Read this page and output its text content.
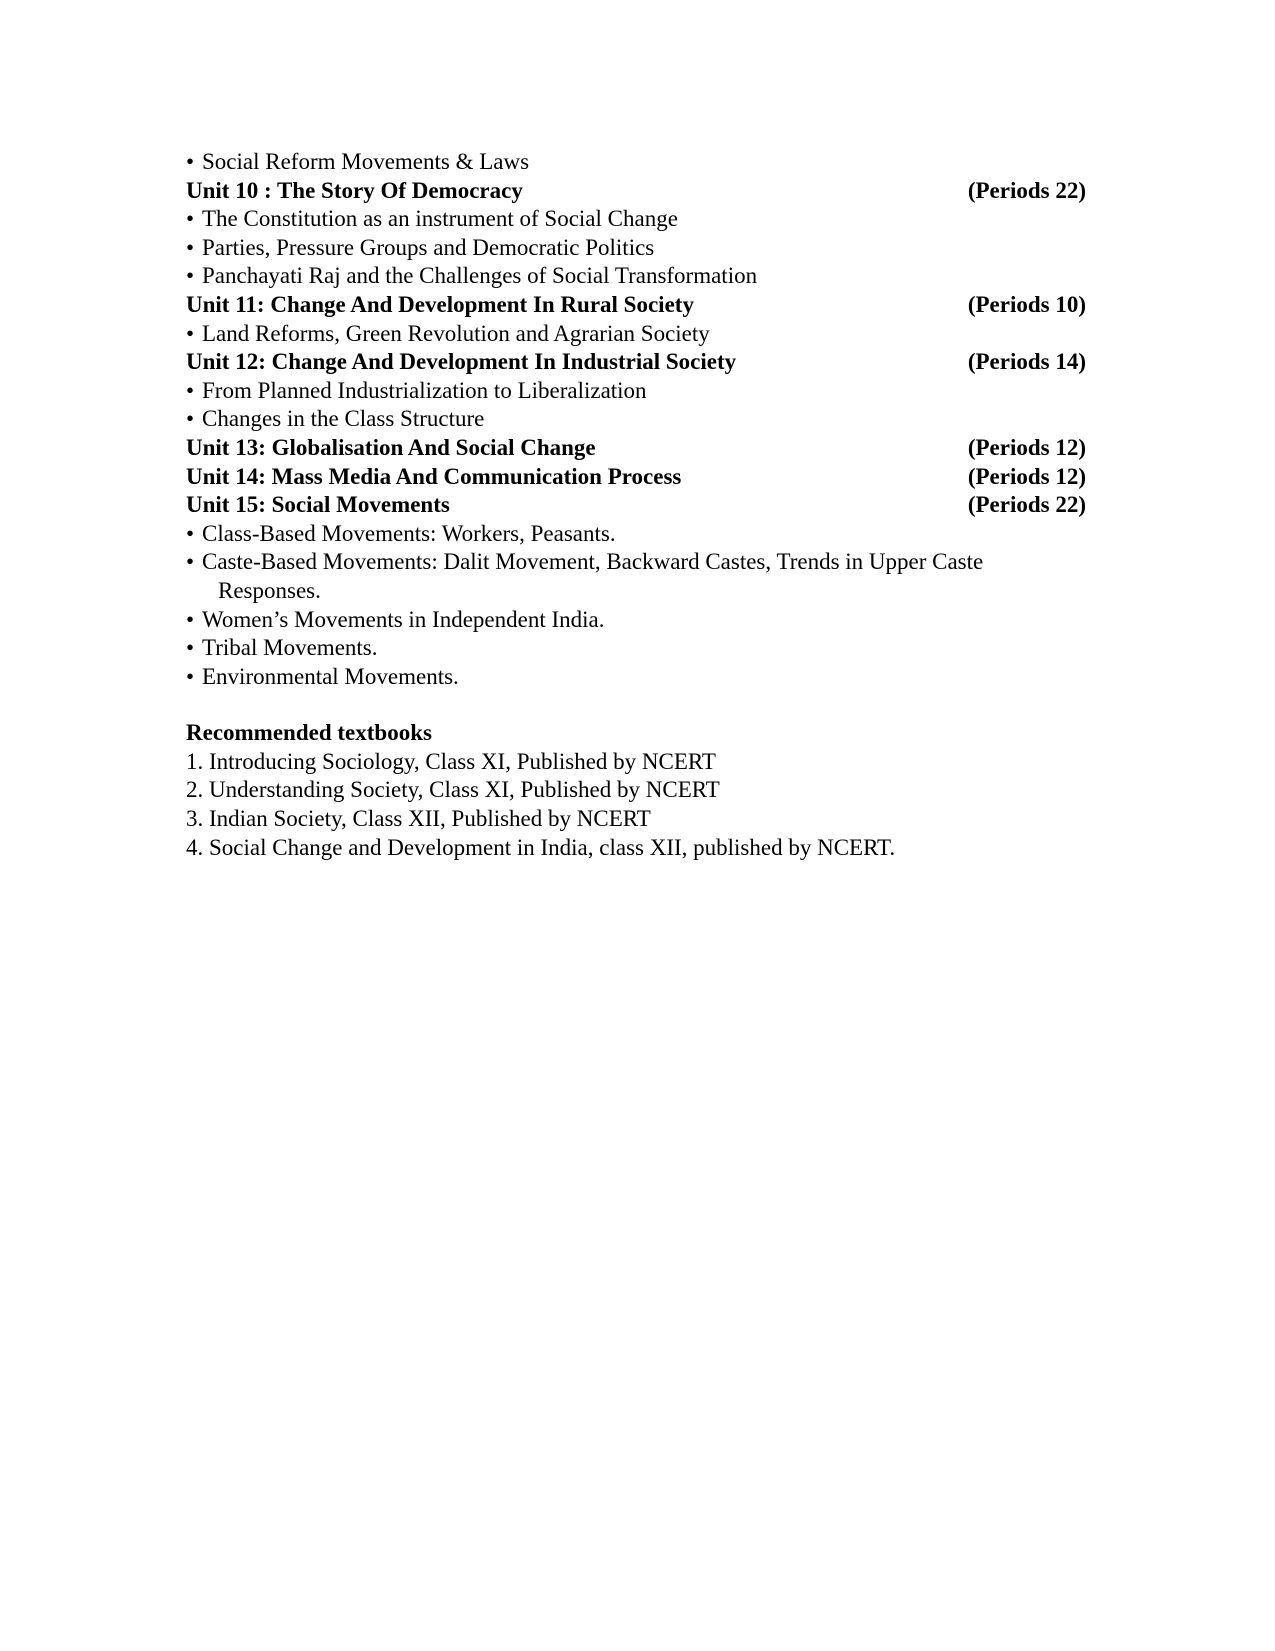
• Social Reform Movements & Laws
Unit 10 : The Story Of Democracy	(Periods 22)
• The Constitution as an instrument of Social Change
• Parties, Pressure Groups and Democratic Politics
• Panchayati Raj and the Challenges of Social Transformation
Unit 11: Change And Development In Rural Society	(Periods 10)
• Land Reforms, Green Revolution and Agrarian Society
Unit 12: Change And Development In Industrial Society	(Periods 14)
• From Planned Industrialization to Liberalization
• Changes in the Class Structure
Unit 13: Globalisation And Social Change	(Periods 12)
Unit 14: Mass Media And Communication Process	(Periods 12)
Unit 15: Social Movements	(Periods 22)
• Class-Based Movements: Workers, Peasants.
• Caste-Based Movements: Dalit Movement, Backward Castes, Trends in Upper Caste
Responses.
• Women’s Movements in Independent India.
• Tribal Movements.
• Environmental Movements.
Recommended textbooks
1. Introducing Sociology, Class XI, Published by NCERT
2. Understanding Society, Class XI, Published by NCERT
3. Indian Society, Class XII, Published by NCERT
4. Social Change and Development in India, class XII, published by NCERT.
